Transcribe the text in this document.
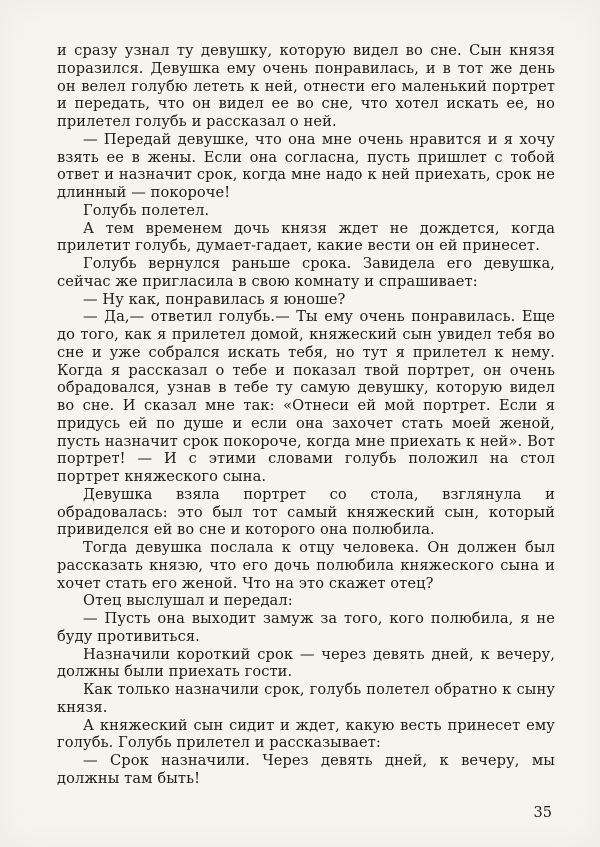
и сразу узнал ту девушку, которую видел во сне. Сын князя поразился. Девушка ему очень понравилась, и в тот же день он велел голубю лететь к ней, отнести его маленький портрет и передать, что он видел ее во сне, что хотел искать ее, но прилетел голубь и рассказал о ней.

— Передай девушке, что она мне очень нравится и я хочу взять ее в жены. Если она согласна, пусть пришлет с тобой ответ и назначит срок, когда мне надо к ней приехать, срок не длинный — покороче!

Голубь полетел.

А тем временем дочь князя ждет не дождется, когда прилетит голубь, думает-гадает, какие вести он ей принесет.

Голубь вернулся раньше срока. Завидела его девушка, сейчас же пригласила в свою комнату и спрашивает:

— Ну как, понравилась я юноше?

— Да,— ответил голубь.— Ты ему очень понравилась. Еще до того, как я прилетел домой, княжеский сын увидел тебя во сне и уже собрался искать тебя, но тут я прилетел к нему. Когда я рассказал о тебе и показал твой портрет, он очень обрадовался, узнав в тебе ту самую девушку, которую видел во сне. И сказал мне так: «Отнеси ей мой портрет. Если я придусь ей по душе и если она захочет стать моей женой, пусть назначит срок покороче, когда мне приехать к ней». Вот портрет! — И с этими словами голубь положил на стол портрет княжеского сына.

Девушка взяла портрет со стола, взглянула и обрадовалась: это был тот самый княжеский сын, который привиделся ей во сне и которого она полюбила.

Тогда девушка послала к отцу человека. Он должен был рассказать князю, что его дочь полюбила княжеского сына и хочет стать его женой. Что на это скажет отец?

Отец выслушал и передал:

— Пусть она выходит замуж за того, кого полюбила, я не буду противиться.

Назначили короткий срок — через девять дней, к вечеру, должны были приехать гости.

Как только назначили срок, голубь полетел обратно к сыну князя.

А княжеский сын сидит и ждет, какую весть принесет ему голубь. Голубь прилетел и рассказывает:

— Срок назначили. Через девять дней, к вечеру, мы должны там быть!

35
